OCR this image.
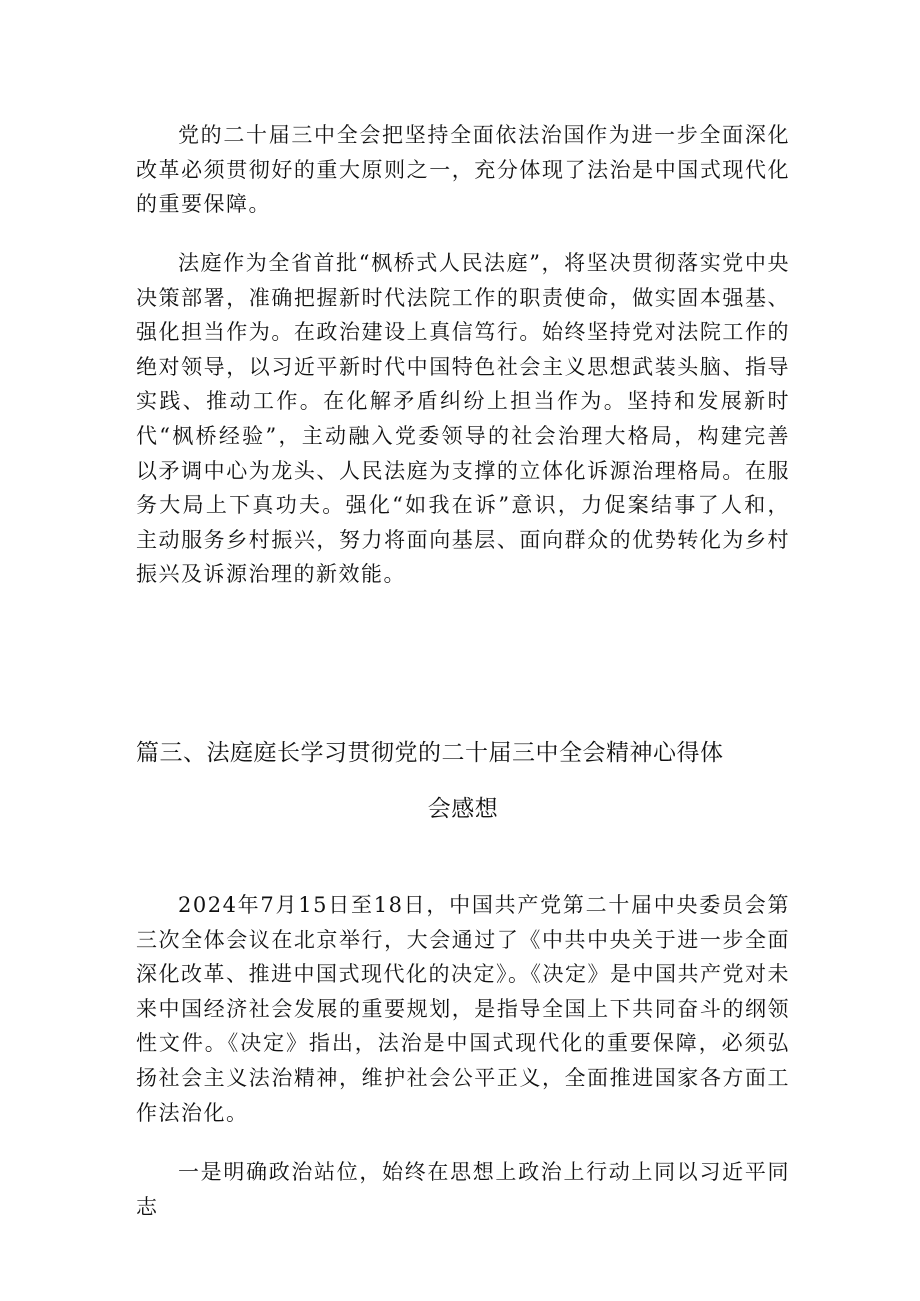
党的二十届三中全会把坚持全面依法治国作为进一步全面深化改革必须贯彻好的重大原则之一，充分体现了法治是中国式现代化的重要保障。

法庭作为全省首批“枫桥式人民法庭”，将坚决贯彻落实党中央决策部署，准确把握新时代法院工作的职责使命，做实固本强基、强化担当作为。在政治建设上真信笃行。始终坚持党对法院工作的绝对领导，以习近平新时代中国特色社会主义思想武装头脑、指导实践、推动工作。在化解矛盾纠纷上担当作为。坚持和发展新时代“枫桥经验”，主动融入党委领导的社会治理大格局，构建完善以矛调中心为龙头、人民法庭为支撑的立体化诉源治理格局。在服务大局上下真功夫。强化“如我在诉”意识，力促案结事了人和，主动服务乡村振兴，努力将面向基层、面向群众的优势转化为乡村振兴及诉源治理的新效能。

篇三、法庭庭长学习贯彻党的二十届三中全会精神心得体
会感想

2024年7月15日至18日，中国共产党第二十届中央委员会第三次全体会议在北京举行，大会通过了《中共中央关于进一步全面深化改革、推进中国式现代化的决定》。《决定》是中国共产党对未来中国经济社会发展的重要规划，是指导全国上下共同奋斗的纲领性文件。《决定》指出，法治是中国式现代化的重要保障，必须弘扬社会主义法治精神，维护社会公平正义，全面推进国家各方面工作法治化。

一是明确政治站位，始终在思想上政治上行动上同以习近平同志
